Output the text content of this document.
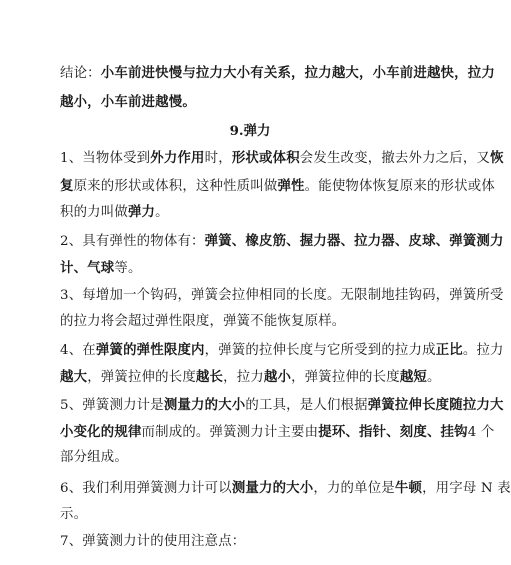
结论：小车前进快慢与拉力大小有关系，拉力越大，小车前进越快，拉力
越小，小车前进越慢。
9.弹力
1、当物体受到外力作用时，形状或体积会发生改变，撤去外力之后，又恢
复原来的形状或体积，这种性质叫做弹性。能使物体恢复原来的形状或体
积的力叫做弹力。
2、具有弹性的物体有：弹簧、橡皮筋、握力器、拉力器、皮球、弹簧测力
计、气球等。
3、每增加一个钩码，弹簧会拉伸相同的长度。无限制地挂钩码，弹簧所受
的拉力将会超过弹性限度，弹簧不能恢复原样。
4、在弹簧的弹性限度内，弹簧的拉伸长度与它所受到的拉力成正比。拉力
越大，弹簧拉伸的长度越长，拉力越小，弹簧拉伸的长度越短。
5、弹簧测力计是测量力的大小的工具，是人们根据弹簧拉伸长度随拉力大
小变化的规律而制成的。弹簧测力计主要由提环、指针、刻度、挂钩4 个
部分组成。
6、我们利用弹簧测力计可以测量力的大小，力的单位是牛顿，用字母 N 表
示。
7、弹簧测力计的使用注意点：
